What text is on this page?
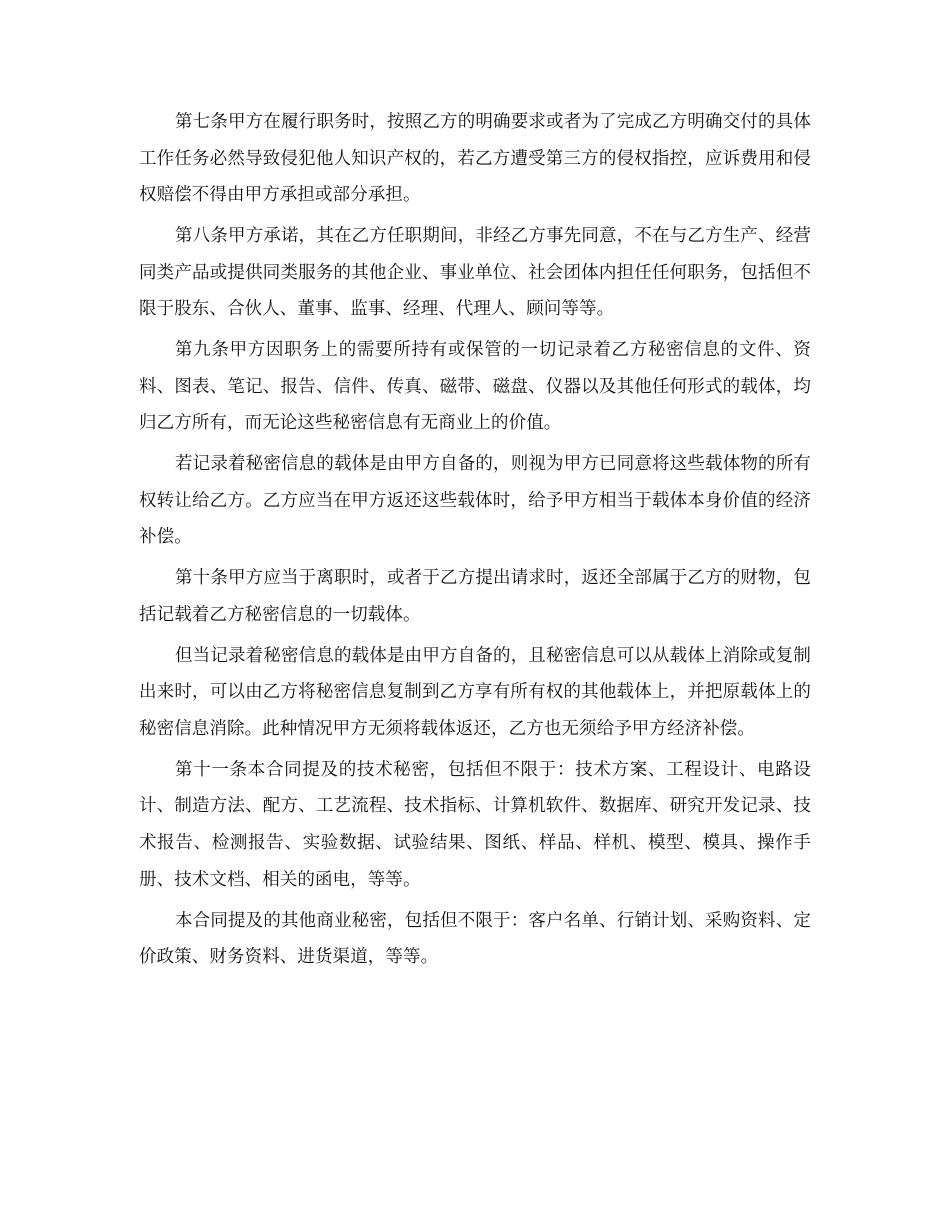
第七条甲方在履行职务时，按照乙方的明确要求或者为了完成乙方明确交付的具体工作任务必然导致侵犯他人知识产权的，若乙方遭受第三方的侵权指控，应诉费用和侵权赔偿不得由甲方承担或部分承担。

第八条甲方承诺，其在乙方任职期间，非经乙方事先同意，不在与乙方生产、经营同类产品或提供同类服务的其他企业、事业单位、社会团体内担任任何职务，包括但不限于股东、合伙人、董事、监事、经理、代理人、顾问等等。

第九条甲方因职务上的需要所持有或保管的一切记录着乙方秘密信息的文件、资料、图表、笔记、报告、信件、传真、磁带、磁盘、仪器以及其他任何形式的载体，均归乙方所有，而无论这些秘密信息有无商业上的价值。

若记录着秘密信息的载体是由甲方自备的，则视为甲方已同意将这些载体物的所有权转让给乙方。乙方应当在甲方返还这些载体时，给予甲方相当于载体本身价值的经济补偿。

第十条甲方应当于离职时，或者于乙方提出请求时，返还全部属于乙方的财物，包括记载着乙方秘密信息的一切载体。

但当记录着秘密信息的载体是由甲方自备的，且秘密信息可以从载体上消除或复制出来时，可以由乙方将秘密信息复制到乙方享有所有权的其他载体上，并把原载体上的秘密信息消除。此种情况甲方无须将载体返还，乙方也无须给予甲方经济补偿。

第十一条本合同提及的技术秘密，包括但不限于：技术方案、工程设计、电路设计、制造方法、配方、工艺流程、技术指标、计算机软件、数据库、研究开发记录、技术报告、检测报告、实验数据、试验结果、图纸、样品、样机、模型、模具、操作手册、技术文档、相关的函电，等等。

本合同提及的其他商业秘密，包括但不限于：客户名单、行销计划、采购资料、定价政策、财务资料、进货渠道，等等。
